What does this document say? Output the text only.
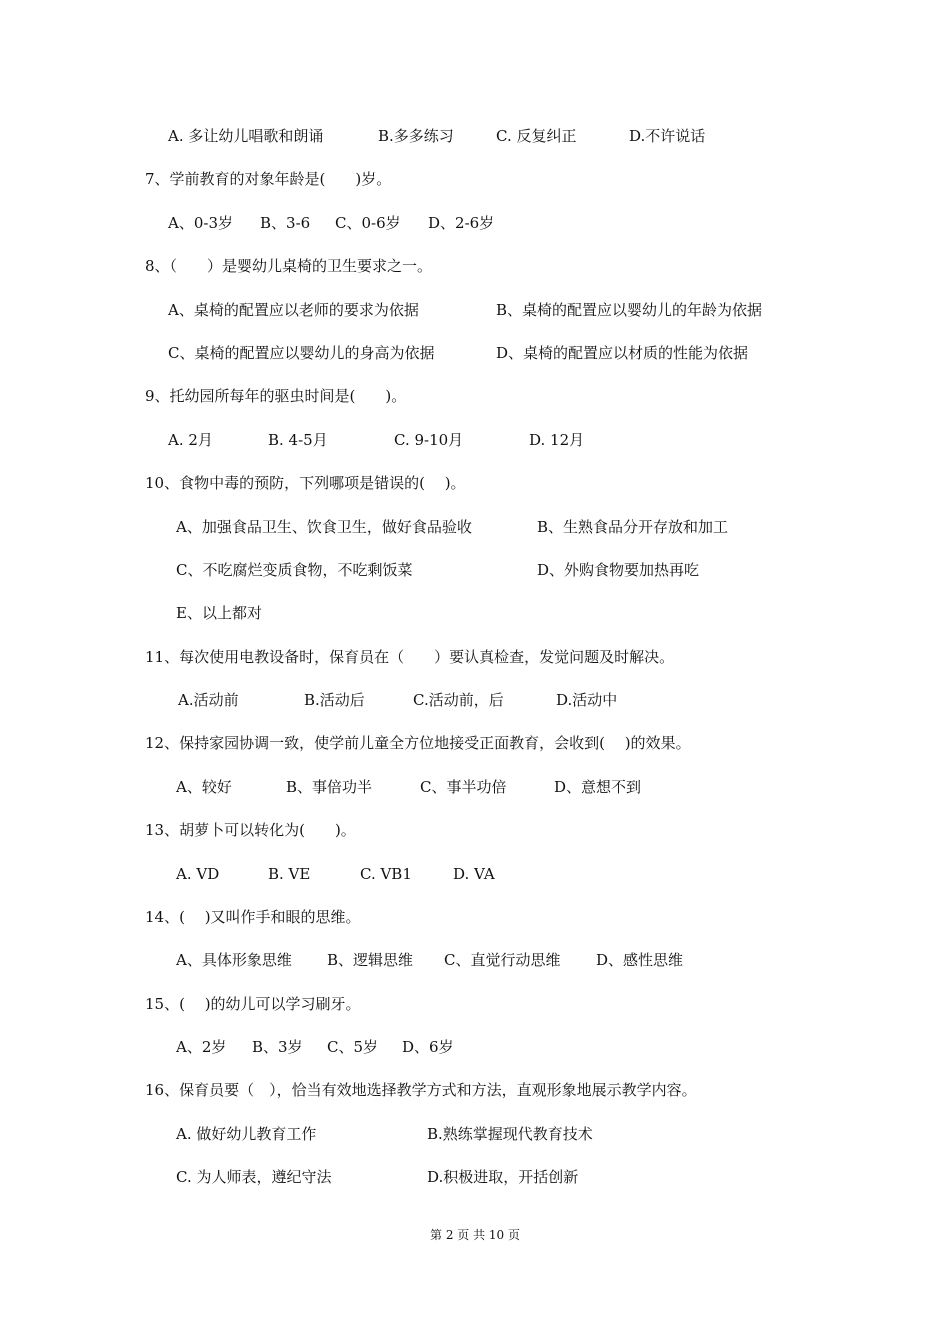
A. 多让幼儿唱歌和朗诵	B.多多练习	C. 反复纠正	D.不许说话
7、学前教育的对象年龄是(　　)岁。
A、0-3岁 B、3-6 C、0-6岁 D、2-6岁
8、（　　）是婴幼儿桌椅的卫生要求之一。
A、桌椅的配置应以老师的要求为依据	B、桌椅的配置应以婴幼儿的年龄为依据
C、桌椅的配置应以婴幼儿的身高为依据	D、桌椅的配置应以材质的性能为依据
9、托幼园所每年的驱虫时间是(　　)。
A. 2月	B. 4-5月	C. 9-10月	D. 12月
10、食物中毒的预防，下列哪项是错误的(　 )。
A、加强食品卫生、饮食卫生，做好食品验收	B、生熟食品分开存放和加工
C、不吃腐烂变质食物，不吃剩饭菜	D、外购食物要加热再吃
E、以上都对
11、每次使用电教设备时，保育员在（　　）要认真检查，发觉问题及时解决。
A.活动前	B.活动后	C.活动前，后	D.活动中
12、保持家园协调一致，使学前儿童全方位地接受正面教育，会收到(　 )的效果。
A、较好	B、事倍功半	C、事半功倍	D、意想不到
13、胡萝卜可以转化为(　　)。
A. VD	B. VE	C. VB1	D. VA
14、(　 )又叫作手和眼的思维。
A、具体形象思维 B、逻辑思维 C、直觉行动思维 D、感性思维
15、(　 )的幼儿可以学习刷牙。
A、2岁 B、3岁 C、5岁 D、6岁
16、保育员要（　），恰当有效地选择教学方式和方法，直观形象地展示教学内容。
A. 做好幼儿教育工作	B.熟练掌握现代教育技术
C. 为人师表，遵纪守法	D.积极进取，开括创新
第 2 页 共 10 页
